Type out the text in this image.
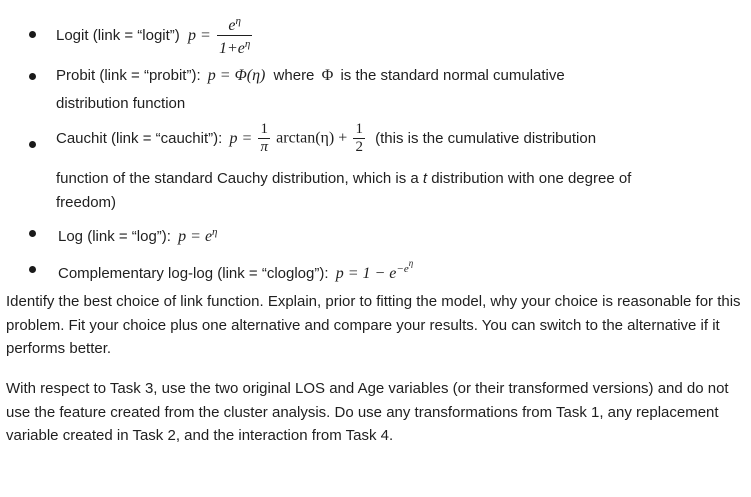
Logit (link = “logit”) $p = \frac{e^\eta}{1+e^\eta}$
Probit (link = “probit”): p = Φ(η) where Φ is the standard normal cumulative
distribution function
Cauchit (link = “cauchit”): $p = \frac{1}{\pi} \arctan(\eta) + \frac{1}{2}$ (this is the cumulative distribution
function of the standard Cauchy distribution, which is a t distribution with one degree of
freedom)
Log (link = “log”): $p = e^\eta$
Complementary log-log (link = “cloglog”): $p = 1 - e^{-e\eta}$
Identify the best choice of link function. Explain, prior to fitting the model, why your choice is reasonable for this problem. Fit your choice plus one alternative and compare your results. You can switch to the alternative if it performs better.
With respect to Task 3, use the two original LOS and Age variables (or their transformed versions) and do not use the feature created from the cluster analysis. Do use any transformations from Task 1, any replacement variable created in Task 2, and the interaction from Task 4.
